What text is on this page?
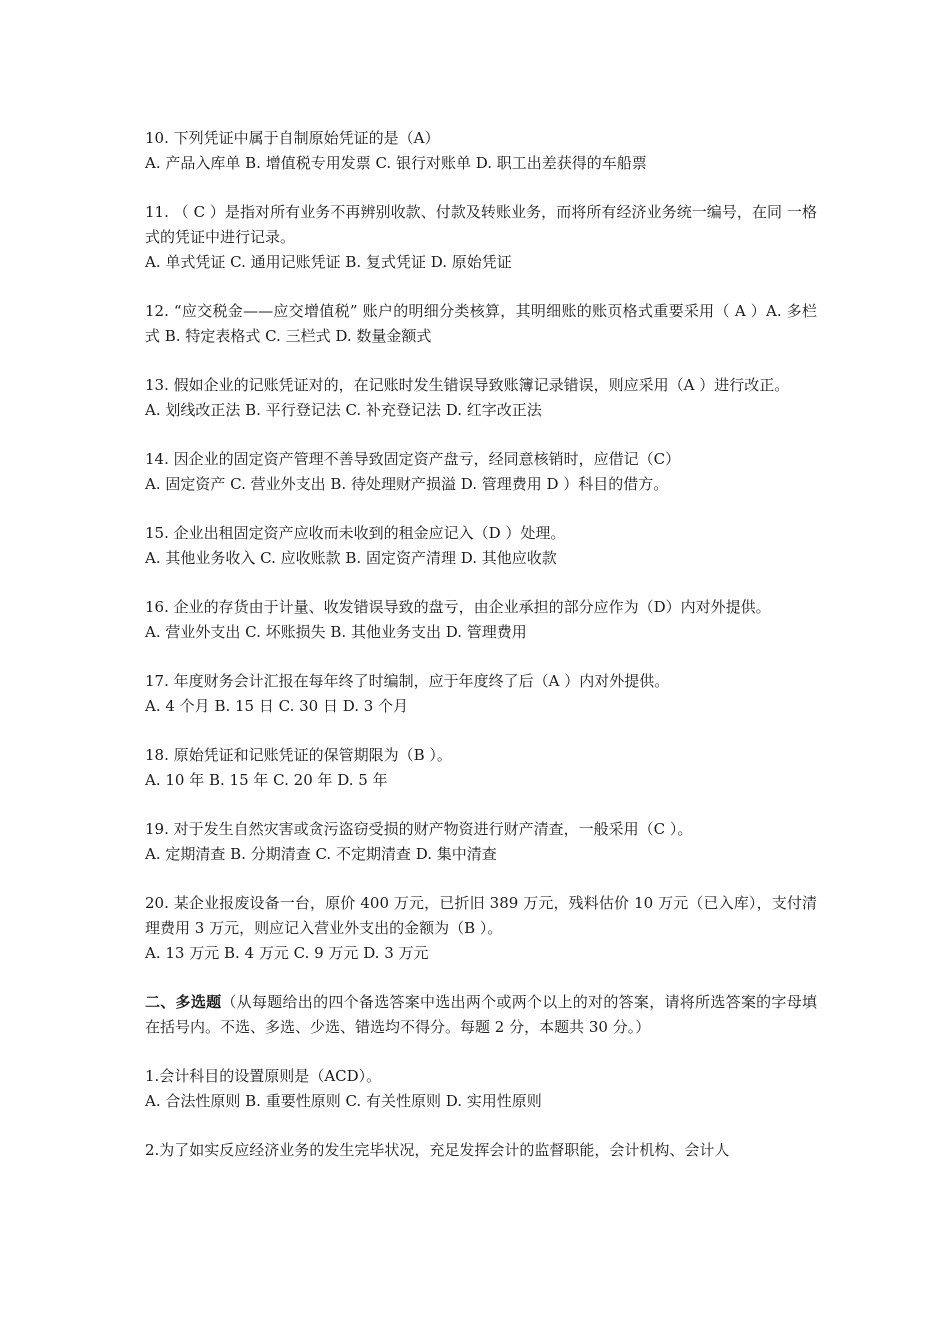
10. 下列凭证中属于自制原始凭证的是（A）
A. 产品入库单 B. 增值税专用发票 C. 银行对账单 D. 职工出差获得的车船票
11. （ C ）是指对所有业务不再辨别收款、付款及转账业务，而将所有经济业务统一编号，在同 一格式的凭证中进行记录。
A. 单式凭证 C. 通用记账凭证 B. 复式凭证 D. 原始凭证
12. “应交税金——应交增值税” 账户的明细分类核算，其明细账的账页格式重要采用（ A ）A. 多栏式 B. 特定表格式 C. 三栏式 D. 数量金额式
13. 假如企业的记账凭证对的，在记账时发生错误导致账簿记录错误，则应采用（A ）进行改正。
A. 划线改正法 B. 平行登记法 C. 补充登记法 D. 红字改正法
14. 因企业的固定资产管理不善导致固定资产盘亏，经同意核销时，应借记（C）
A. 固定资产 C. 营业外支出 B. 待处理财产损溢 D. 管理费用 D ）科目的借方。
15. 企业出租固定资产应收而未收到的租金应记入（D ）处理。
A. 其他业务收入 C. 应收账款 B. 固定资产清理 D. 其他应收款
16. 企业的存货由于计量、收发错误导致的盘亏，由企业承担的部分应作为（D）内对外提供。
A. 营业外支出 C. 坏账损失 B. 其他业务支出 D. 管理费用
17. 年度财务会计汇报在每年终了时编制，应于年度终了后（A ）内对外提供。
A. 4 个月 B. 15 日 C. 30 日 D. 3 个月
18. 原始凭证和记账凭证的保管期限为（B ）。
A. 10 年 B. 15 年 C. 20 年 D. 5 年
19. 对于发生自然灾害或贪污盗窃受损的财产物资进行财产清查，一般采用（C ）。
A. 定期清查 B. 分期清查 C. 不定期清查 D. 集中清查
20. 某企业报废设备一台，原价 400 万元，已折旧 389 万元，残料估价 10 万元（已入库），支付清 理费用 3 万元，则应记入营业外支出的金额为（B ）。
A. 13 万元 B. 4 万元 C. 9 万元 D. 3 万元
二、多选题（从每题给出的四个备选答案中选出两个或两个以上的对的答案，请将所选答案的字母填 在括号内。不选、多选、少选、错选均不得分。每题 2 分，本题共 30 分。）
1.会计科目的设置原则是（ACD）。
A. 合法性原则 B. 重要性原则 C. 有关性原则 D. 实用性原则
2.为了如实反应经济业务的发生完毕状况，充足发挥会计的监督职能，会计机构、会计人
